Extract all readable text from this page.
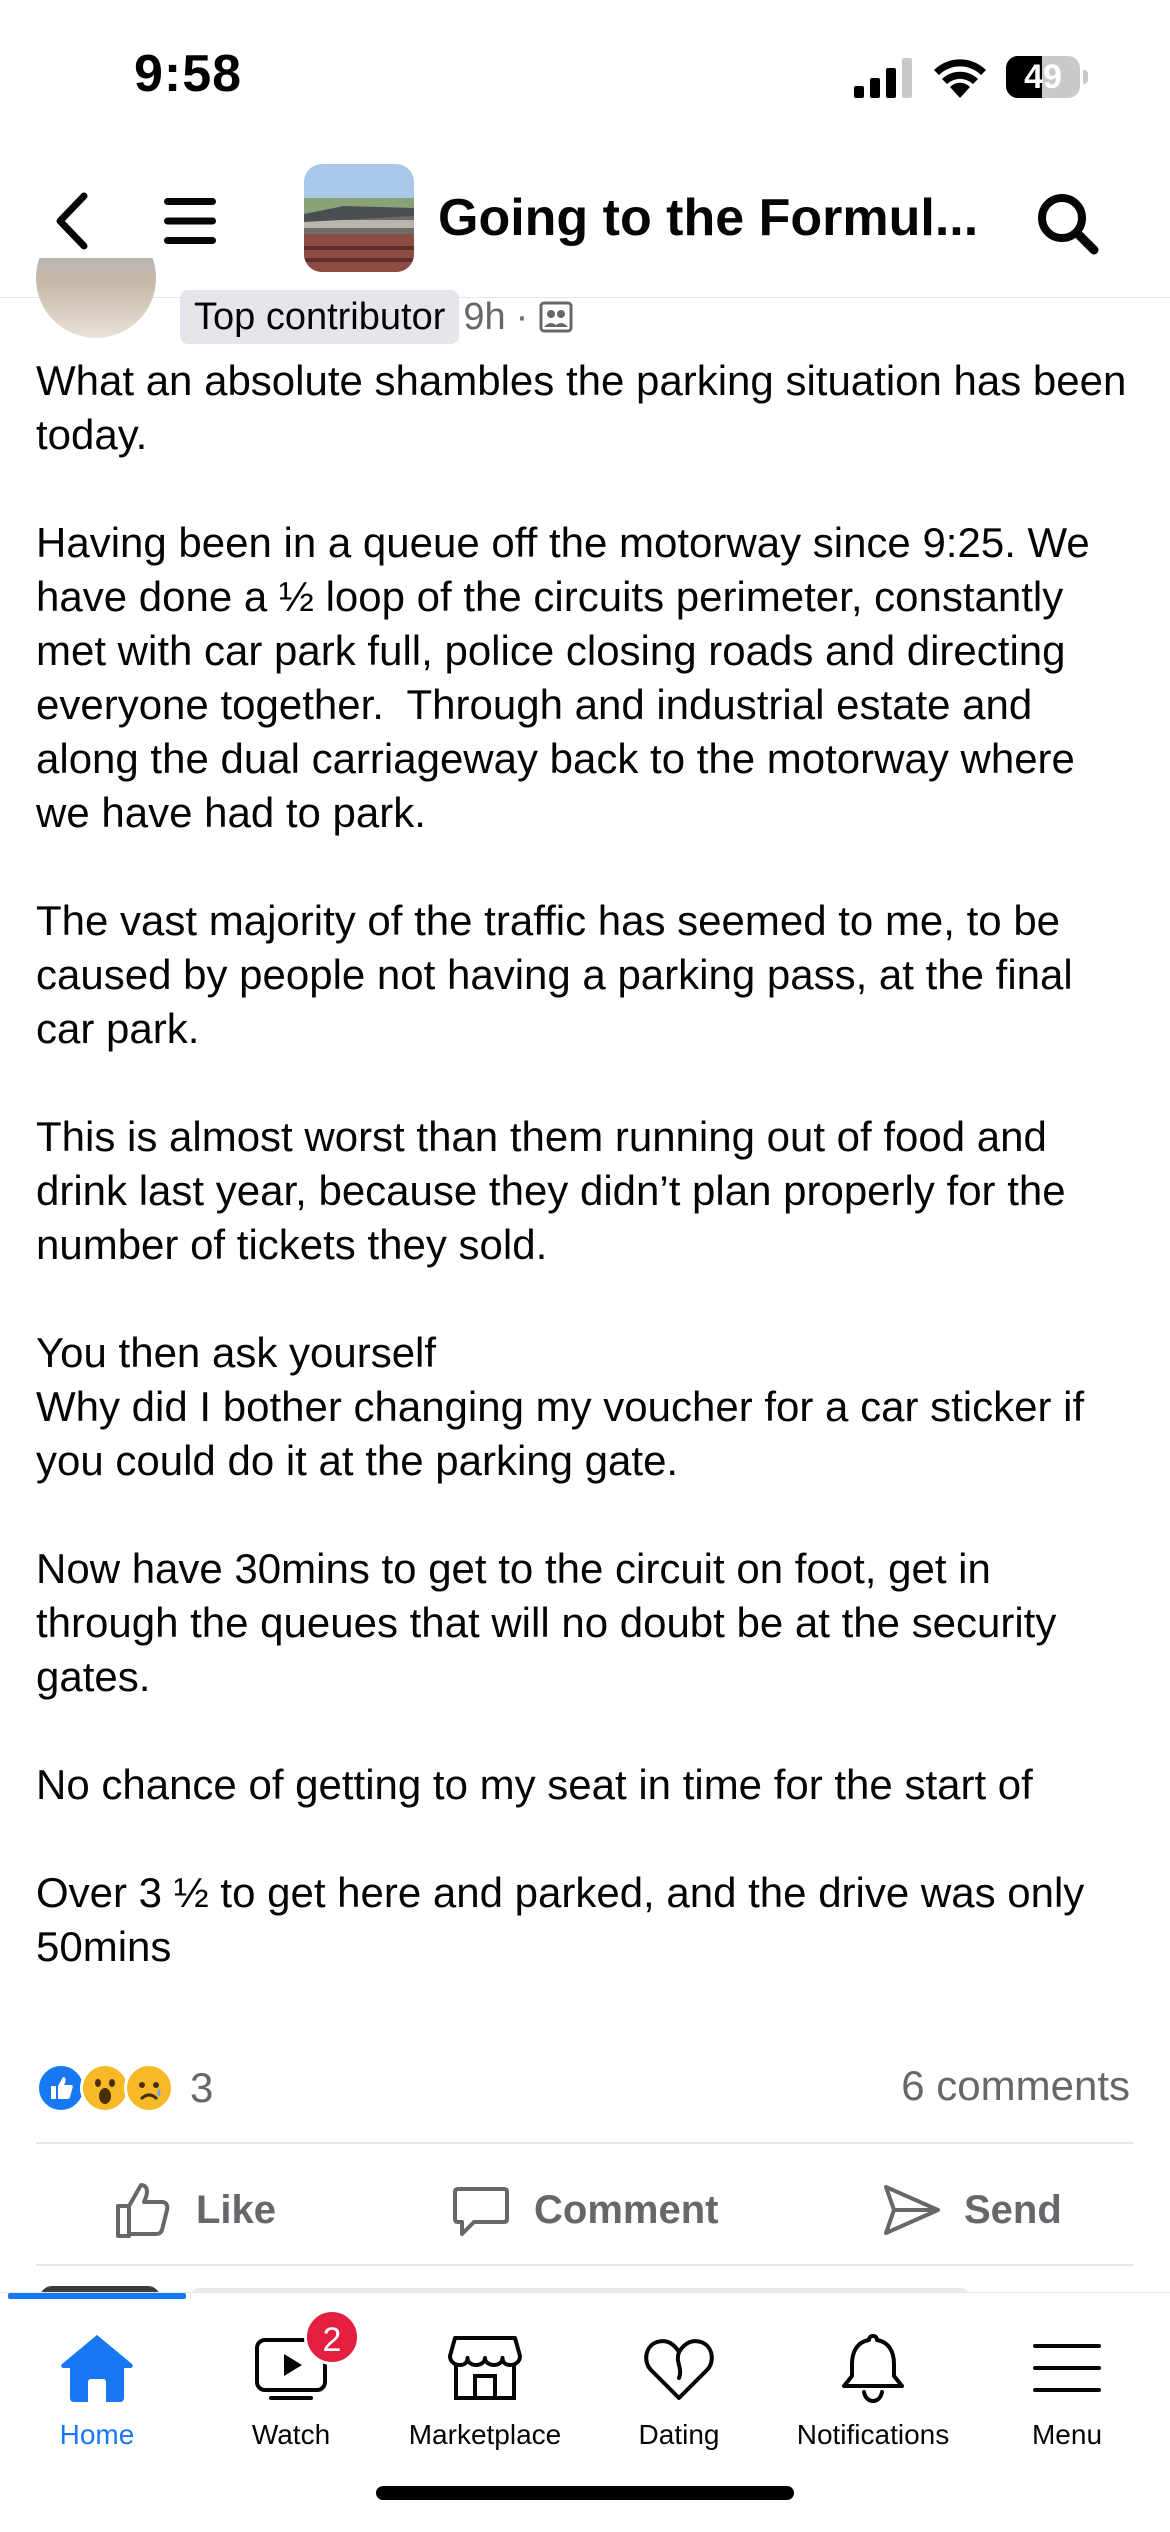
9:58	49
Going to the Formul...
Top contributor 9h ·
What an absolute shambles the parking situation has been today.

Having been in a queue off the motorway since 9:25. We have done a ½ loop of the circuits perimeter, constantly met with car park full, police closing roads and directing everyone together.  Through and industrial estate and along the dual carriageway back to the motorway where we have had to park.

The vast majority of the traffic has seemed to me, to be caused by people not having a parking pass, at the final car park.

This is almost worst than them running out of food and drink last year, because they didn’t plan properly for the number of tickets they sold.

You then ask yourself
Why did I bother changing my voucher for a car sticker if you could do it at the parking gate.

Now have 30mins to get to the circuit on foot, get in through the queues that will no doubt be at the security gates.

No chance of getting to my seat in time for the start of

Over 3 ½ to get here and parked, and the drive was only 50mins
3	6 comments
Like	Comment	Send
Home
2
Watch	Marketplace	Dating	Notifications	Menu
